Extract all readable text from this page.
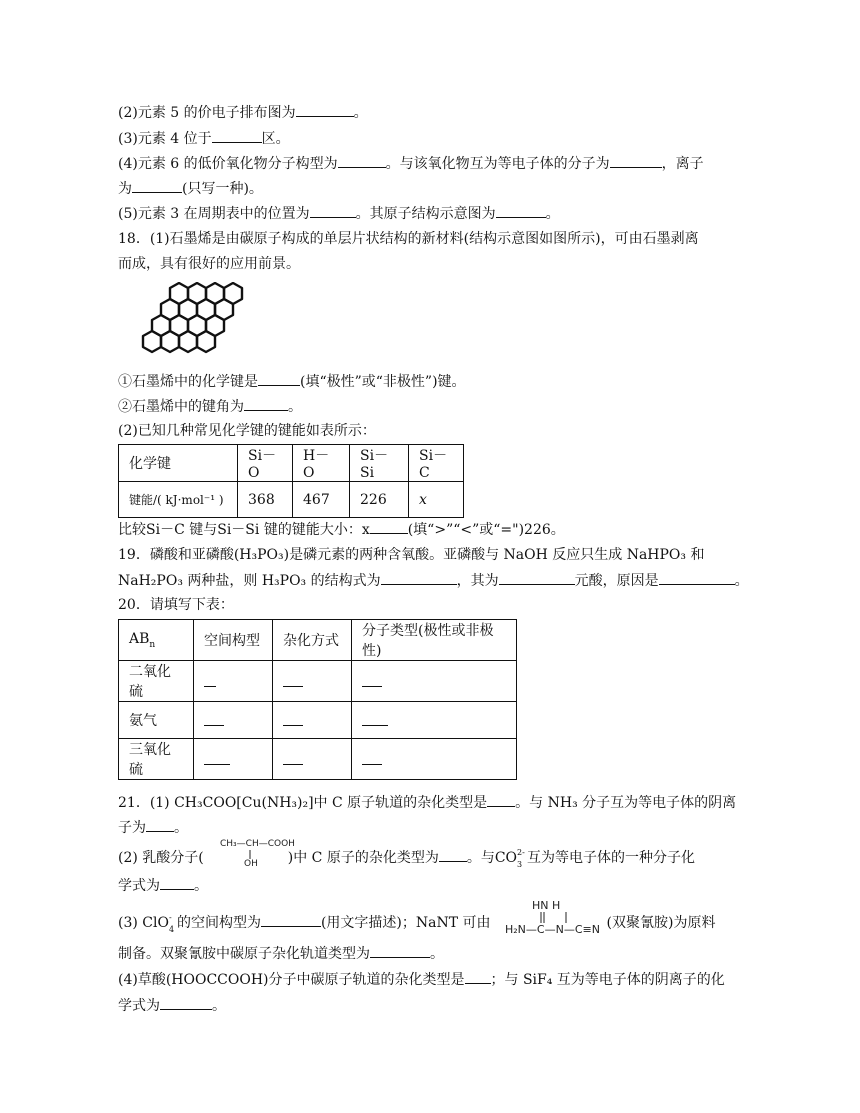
(2)元素 5 的价电子排布图为	。
(3)元素 4 位于	区。
(4)元素 6 的低价氧化物分子构型为	。与该氧化物互为等电子体的分子为	，离子
为	(只写一种)。
(5)元素 3 在周期表中的位置为	。其原子结构示意图为	。
18．(1)石墨烯是由碳原子构成的单层片状结构的新材料(结构示意图如图所示)，可由石墨剥离
而成，具有很好的应用前景。
①石墨烯中的化学键是	(填“极性”或“非极性”)键。
②石墨烯中的键角为	。
(2)已知几种常见化学键的键能如表所示：
化学键	Si－O	H－O	Si－Si	Si－C
键能/( kJ·mol⁻¹ )	368	467	226	x
比较Si－C 键与Si－Si 键的键能大小：x	(填“>”“<”或“=")226。
19．磷酸和亚磷酸(H₃PO₃)是磷元素的两种含氧酸。亚磷酸与 NaOH 反应只生成 NaHPO₃ 和
NaH₂PO₃ 两种盐，则 H₃PO₃ 的结构式为	，其为	元酸，原因是	。
20．请填写下表：
$AB_n$	空间构型	杂化方式	分子类型(极性或非极性)
二氧化硫			
氨气			
三氧化硫			
21．(1) CH₃COO[Cu(NH₃)₂]中 C 原子轨道的杂化类型是 。与 NH₃ 分子互为等电子体的阴离
子为 。
(2) 乳酸分子(	)中 C 原子的杂化类型为 。与CO 2-
3 互为等电子体的一种分子化
CH₃—CH—COOH
OH
学式为 。
(3) ClO -
4 的空间构型为	(用文字描述)；NaNT 可由	(双聚氰胺)为原料
HN H
H₂N—C—N—C≡N
制备。双聚氰胺中碳原子杂化轨道类型为	。
(4)草酸(HOOCCOOH)分子中碳原子轨道的杂化类型是 ；与 SiF₄ 互为等电子体的阴离子的化
学式为	。
